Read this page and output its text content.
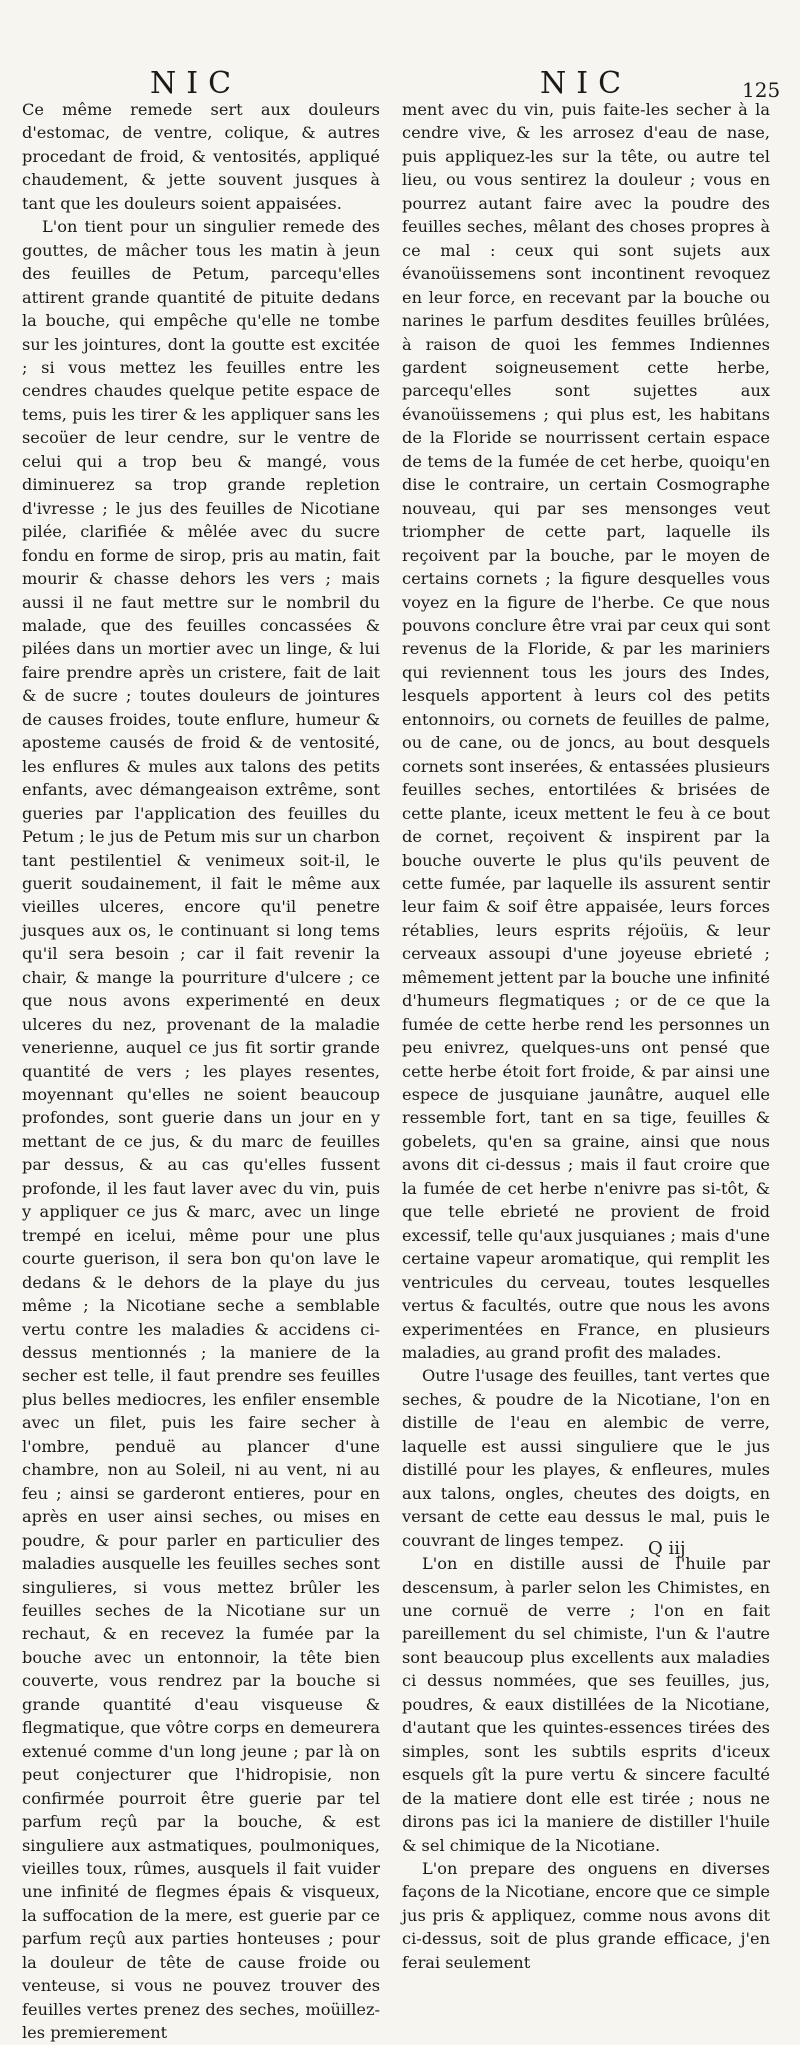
NIC	NIC	125

Ce même remede sert aux douleurs d'estomac, de ventre, colique, & autres procedant de froid, & ventosités, appliqué chaudement, & jette souvent jusques à tant que les douleurs soient appaisées.

L'on tient pour un singulier remede des gouttes, de mâcher tous les matin à jeun des feuilles de Petum, parcequ'elles attirent grande quantité de pituite dedans la bouche, qui empêche qu'elle ne tombe sur les jointures, dont la goutte est excitée ; si vous mettez les feuilles entre les cendres chaudes quelque petite espace de tems, puis les tirer & les appliquer sans les secoüer de leur cendre, sur le ventre de celui qui a trop beu & mangé, vous diminuerez sa trop grande repletion d'ivresse ; le jus des feuilles de Nicotiane pilée, clarifiée & mêlée avec du sucre fondu en forme de sirop, pris au matin, fait mourir & chasse dehors les vers ; mais aussi il ne faut mettre sur le nombril du malade, que des feuilles concassées & pilées dans un mortier avec un linge, & lui faire prendre après un cristere, fait de lait & de sucre ; toutes douleurs de jointures de causes froides, toute enflure, humeur & aposteme causés de froid & de ventosité, les enflures & mules aux talons des petits enfants, avec démangeaison extrême, sont gueries par l'application des feuilles du Petum ; le jus de Petum mis sur un charbon tant pestilentiel & venimeux soit-il, le guerit soudainement, il fait le même aux vieilles ulceres, encore qu'il penetre jusques aux os, le continuant si long tems qu'il sera besoin ; car il fait revenir la chair, & mange la pourriture d'ulcere ; ce que nous avons experimenté en deux ulceres du nez, provenant de la maladie venerienne, auquel ce jus fit sortir grande quantité de vers ; les playes resentes, moyennant qu'elles ne soient beaucoup profondes, sont guerie dans un jour en y mettant de ce jus, & du marc de feuilles par dessus, & au cas qu'elles fussent profonde, il les faut laver avec du vin, puis y appliquer ce jus & marc, avec un linge trempé en icelui, même pour une plus courte guerison, il sera bon qu'on lave le dedans & le dehors de la playe du jus même ; la Nicotiane seche a semblable vertu contre les maladies & accidens ci-dessus mentionnés ; la maniere de la secher est telle, il faut prendre ses feuilles plus belles mediocres, les enfiler ensemble avec un filet, puis les faire secher à l'ombre, penduë au plancer d'une chambre, non au Soleil, ni au vent, ni au feu ; ainsi se garderont entieres, pour en après en user ainsi seches, ou mises en poudre, & pour parler en particulier des maladies ausquelle les feuilles seches sont singulieres, si vous mettez brûler les feuilles seches de la Nicotiane sur un rechaut, & en recevez la fumée par la bouche avec un entonnoir, la tête bien couverte, vous rendrez par la bouche si grande quantité d'eau visqueuse & flegmatique, que vôtre corps en demeurera extenué comme d'un long jeune ; par là on peut conjecturer que l'hidropisie, non confirmée pourroit être guerie par tel parfum reçû par la bouche, & est singuliere aux astmatiques, poulmoniques, vieilles toux, rûmes, ausquels il fait vuider une infinité de flegmes épais & visqueux, la suffocation de la mere, est guerie par ce parfum reçû aux parties honteuses ; pour la douleur de tête de cause froide ou venteuse, si vous ne pouvez trouver des feuilles vertes prenez des seches, moüillez-les premierement

ment avec du vin, puis faite-les secher à la cendre vive, & les arrosez d'eau de nase, puis appliquez-les sur la tête, ou autre tel lieu, ou vous sentirez la douleur ; vous en pourrez autant faire avec la poudre des feuilles seches, mêlant des choses propres à ce mal : ceux qui sont sujets aux évanoüissemens sont incontinent revoquez en leur force, en recevant par la bouche ou narines le parfum desdites feuilles brûlées, à raison de quoi les femmes Indiennes gardent soigneusement cette herbe, parcequ'elles sont sujettes aux évanoüissemens ; qui plus est, les habitans de la Floride se nourrissent certain espace de tems de la fumée de cet herbe, quoiqu'en dise le contraire, un certain Cosmographe nouveau, qui par ses mensonges veut triompher de cette part, laquelle ils reçoivent par la bouche, par le moyen de certains cornets ; la figure desquelles vous voyez en la figure de l'herbe. Ce que nous pouvons conclure être vrai par ceux qui sont revenus de la Floride, & par les mariniers qui reviennent tous les jours des Indes, lesquels apportent à leurs col des petits entonnoirs, ou cornets de feuilles de palme, ou de cane, ou de joncs, au bout desquels cornets sont inserées, & entassées plusieurs feuilles seches, entortilées & brisées de cette plante, iceux mettent le feu à ce bout de cornet, reçoivent & inspirent par la bouche ouverte le plus qu'ils peuvent de cette fumée, par laquelle ils assurent sentir leur faim & soif être appaisée, leurs forces rétablies, leurs esprits réjoüis, & leur cerveaux assoupi d'une joyeuse ebrieté ; mêmement jettent par la bouche une infinité d'humeurs flegmatiques ; or de ce que la fumée de cette herbe rend les personnes un peu enivrez, quelques-uns ont pensé que cette herbe étoit fort froide, & par ainsi une espece de jusquiane jaunâtre, auquel elle ressemble fort, tant en sa tige, feuilles & gobelets, qu'en sa graine, ainsi que nous avons dit ci-dessus ; mais il faut croire que la fumée de cet herbe n'enivre pas si-tôt, & que telle ebrieté ne provient de froid excessif, telle qu'aux jusquianes ; mais d'une certaine vapeur aromatique, qui remplit les ventricules du cerveau, toutes lesquelles vertus & facultés, outre que nous les avons experimentées en France, en plusieurs maladies, au grand profit des malades.

Outre l'usage des feuilles, tant vertes que seches, & poudre de la Nicotiane, l'on en distille de l'eau en alembic de verre, laquelle est aussi singuliere que le jus distillé pour les playes, & enfleures, mules aux talons, ongles, cheutes des doigts, en versant de cette eau dessus le mal, puis le couvrant de linges tempez.

L'on en distille aussi de l'huile par descensum, à parler selon les Chimistes, en une cornuë de verre ; l'on en fait pareillement du sel chimiste, l'un & l'autre sont beaucoup plus excellents aux maladies ci dessus nommées, que ses feuilles, jus, poudres, & eaux distillées de la Nicotiane, d'autant que les quintes-essences tirées des simples, sont les subtils esprits d'iceux esquels gît la pure vertu & sincere faculté de la matiere dont elle est tirée ; nous ne dirons pas ici la maniere de distiller l'huile & sel chimique de la Nicotiane.

L'on prepare des onguens en diverses façons de la Nicotiane, encore que ce simple jus pris & appliquez, comme nous avons dit ci-dessus, soit de plus grande efficace, j'en ferai seulement

Q iij
